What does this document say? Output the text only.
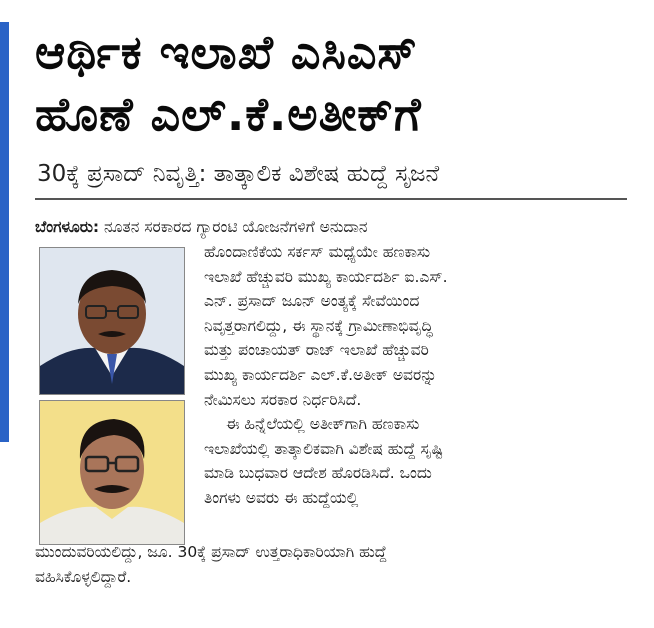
ಆರ್ಥಿಕ ಇಲಾಖೆ ಎಸಿಎಸ್
ಹೊಣೆ ಎಲ್.ಕೆ.ಅತೀಕ್‌ಗೆ
30ಕ್ಕೆ ಪ್ರಸಾದ್ ನಿವೃತ್ತಿ: ತಾತ್ಕಾಲಿಕ ವಿಶೇಷ ಹುದ್ದೆ ಸೃಜನೆ
ಬೆಂಗಳೂರು: ನೂತನ ಸರಕಾರದ ಗ್ಯಾರಂಟಿ ಯೋಜನೆಗಳಿಗೆ ಅನುದಾನ
ಹೊಂದಾಣಿಕೆಯ ಸರ್ಕಸ್ ಮಧ್ಯೆಯೇ ಹಣಕಾಸು
ಇಲಾಖೆ ಹೆಚ್ಚುವರಿ ಮುಖ್ಯ ಕಾರ್ಯದರ್ಶಿ ಐ.ಎಸ್.
ಎನ್. ಪ್ರಸಾದ್ ಜೂನ್ ಅಂತ್ಯಕ್ಕೆ ಸೇವೆಯಿಂದ
ನಿವೃತ್ತರಾಗಲಿದ್ದು, ಈ ಸ್ಥಾನಕ್ಕೆ ಗ್ರಾಮೀಣಾಭಿವೃದ್ಧಿ
ಮತ್ತು ಪಂಚಾಯತ್ ರಾಜ್ ಇಲಾಖೆ ಹೆಚ್ಚುವರಿ
ಮುಖ್ಯ ಕಾರ್ಯದರ್ಶಿ ಎಲ್.ಕೆ.ಅತೀಕ್ ಅವರನ್ನು
ನೇಮಿಸಲು ಸರಕಾರ ನಿರ್ಧರಿಸಿದೆ.
ಈ ಹಿನ್ನೆಲೆಯಲ್ಲಿ ಅತೀಕ್‌ಗಾಗಿ ಹಣಕಾಸು
ಇಲಾಖೆಯಲ್ಲಿ ತಾತ್ಕಾಲಿಕವಾಗಿ ವಿಶೇಷ ಹುದ್ದೆ ಸೃಷ್ಟಿ
ಮಾಡಿ ಬುಧವಾರ ಆದೇಶ ಹೊರಡಿಸಿದೆ. ಒಂದು
ತಿಂಗಳು ಅವರು ಈ ಹುದ್ದೆಯಲ್ಲಿ
ಮುಂದುವರಿಯಲಿದ್ದು, ಜೂ. 30ಕ್ಕೆ ಪ್ರಸಾದ್ ಉತ್ತರಾಧಿಕಾರಿಯಾಗಿ ಹುದ್ದೆ
ವಹಿಸಿಕೊಳ್ಳಲಿದ್ದಾರೆ.
